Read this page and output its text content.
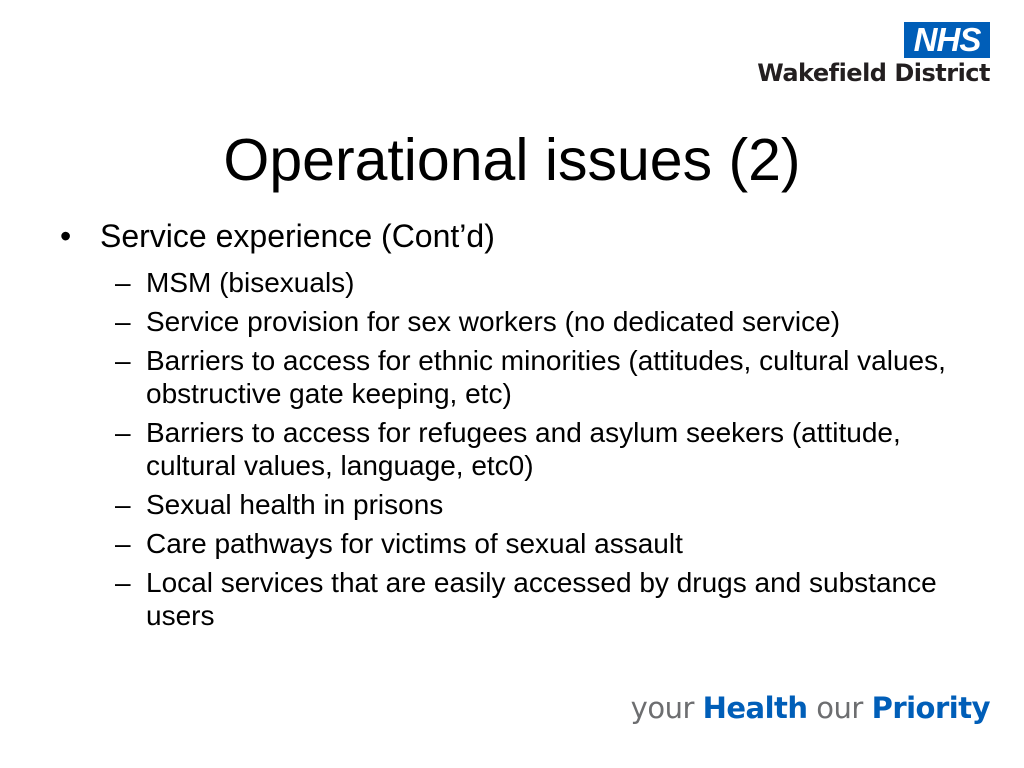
NHS
Wakefield District
Operational issues (2)
• Service experience (Cont’d)
– MSM (bisexuals)
– Service provision for sex workers (no dedicated service)
– Barriers to access for ethnic minorities (attitudes, cultural values, obstructive gate keeping, etc)
– Barriers to access for refugees and asylum seekers (attitude, cultural values, language, etc0)
– Sexual health in prisons
– Care pathways for victims of sexual assault
– Local services that are easily accessed by drugs and substance users
your Health our Priority
